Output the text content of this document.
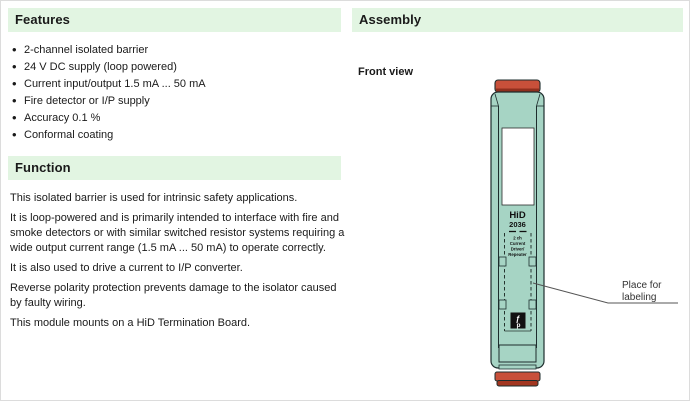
Features
• 2-channel isolated barrier
• 24 V DC supply (loop powered)
• Current input/output 1.5 mA ... 50 mA
• Fire detector or I/P supply
• Accuracy 0.1 %
• Conformal coating
Function

This isolated barrier is used for intrinsic safety applications.

It is loop-powered and is primarily intended to interface with fire and smoke detectors or with similar switched resistor systems requiring a wide output current range (1.5 mA ... 50 mA) to operate correctly.

It is also used to drive a current to I/P converter.

Reverse polarity protection prevents damage to the isolator caused by faulty wiring.

This module mounts on a HiD Termination Board.

Assembly
Front view
HiD
2036
2 ch
Current
Driver/
Repeater
ƒ
p
Place for
labeling
